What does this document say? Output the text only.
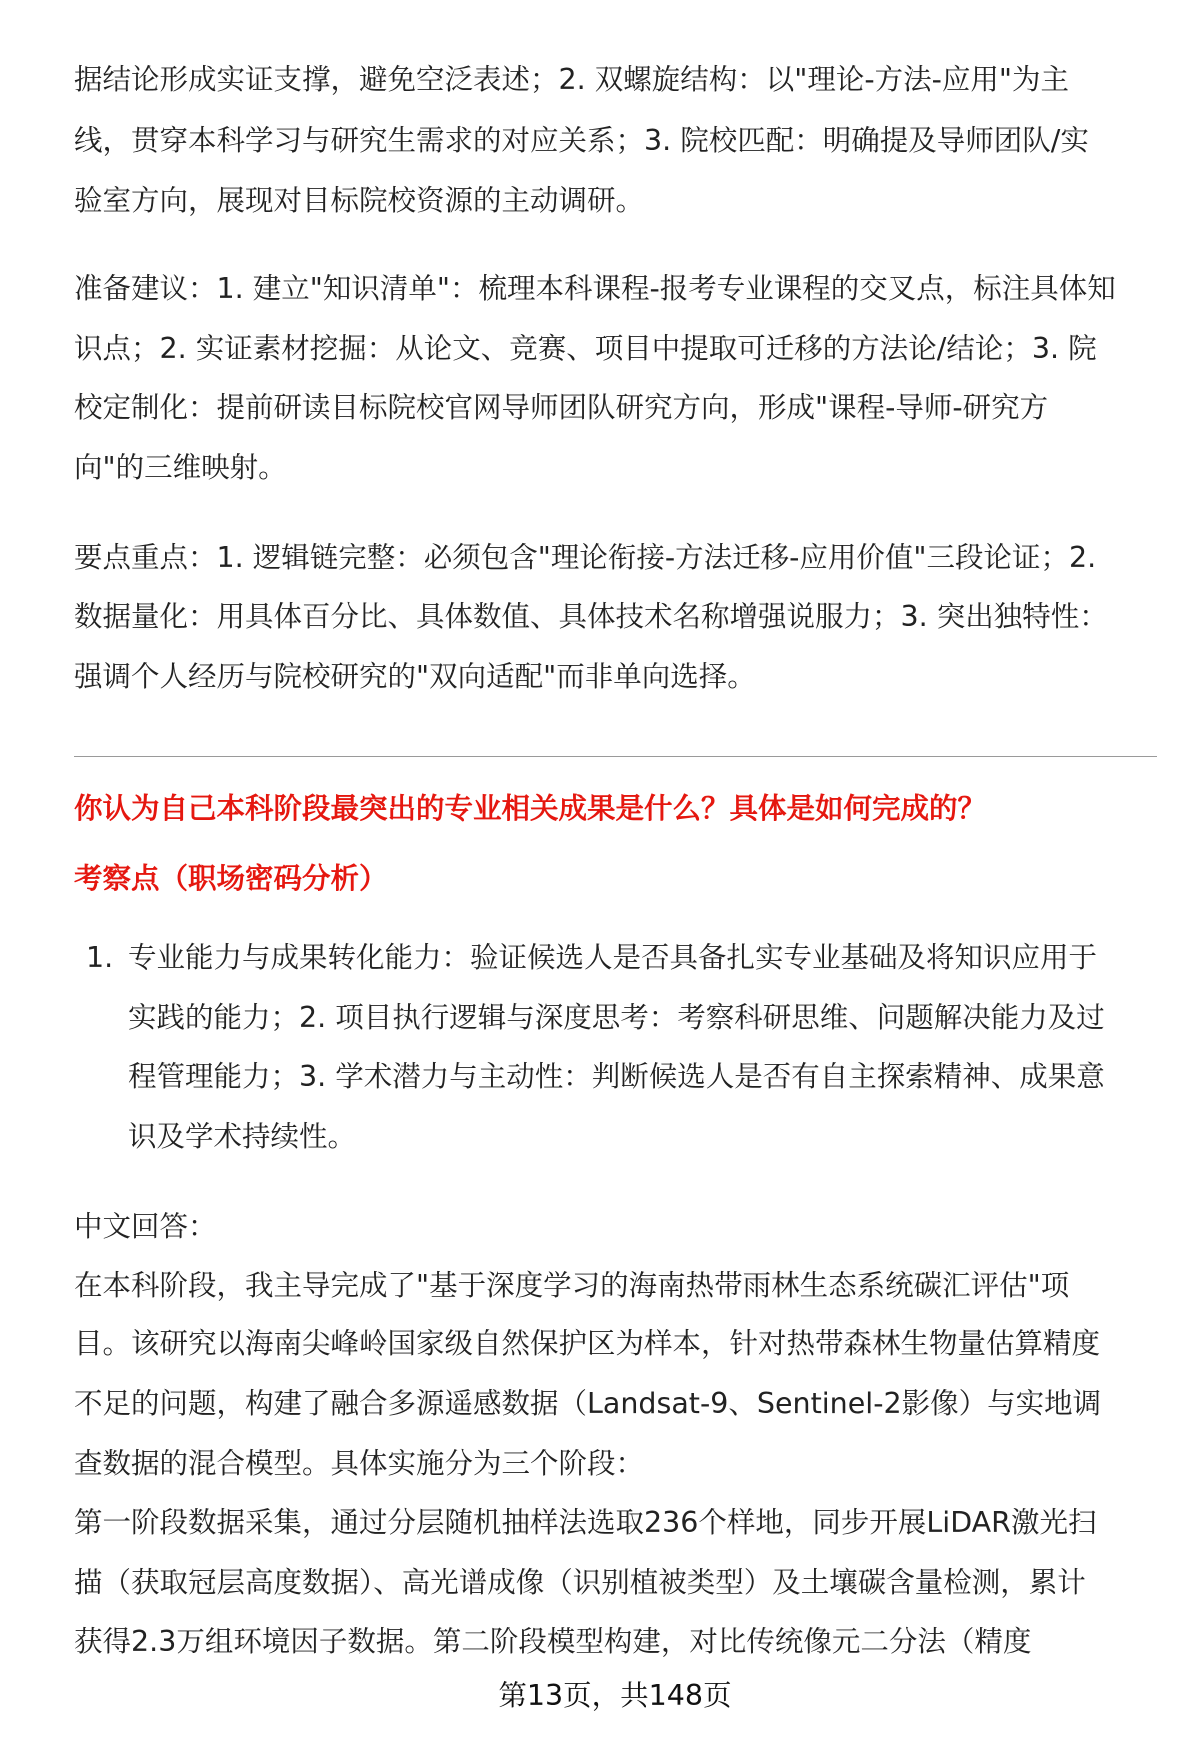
据结论形成实证支撑，避免空泛表述；2. 双螺旋结构：以"理论-方法-应用"为主
线，贯穿本科学习与研究生需求的对应关系；3. 院校匹配：明确提及导师团队/实
验室方向，展现对目标院校资源的主动调研。
准备建议：1. 建立"知识清单"：梳理本科课程-报考专业课程的交叉点，标注具体知
识点；2. 实证素材挖掘：从论文、竞赛、项目中提取可迁移的方法论/结论；3. 院
校定制化：提前研读目标院校官网导师团队研究方向，形成"课程-导师-研究方
向"的三维映射。
要点重点：1. 逻辑链完整：必须包含"理论衔接-方法迁移-应用价值"三段论证；2.
数据量化：用具体百分比、具体数值、具体技术名称增强说服力；3. 突出独特性：
强调个人经历与院校研究的"双向适配"而非单向选择。
你认为自己本科阶段最突出的专业相关成果是什么？具体是如何完成的？
考察点（职场密码分析）
1. 专业能力与成果转化能力：验证候选人是否具备扎实专业基础及将知识应用于
实践的能力；2. 项目执行逻辑与深度思考：考察科研思维、问题解决能力及过
程管理能力；3. 学术潜力与主动性：判断候选人是否有自主探索精神、成果意
识及学术持续性。
中文回答：
在本科阶段，我主导完成了"基于深度学习的海南热带雨林生态系统碳汇评估"项
目。该研究以海南尖峰岭国家级自然保护区为样本，针对热带森林生物量估算精度
不足的问题，构建了融合多源遥感数据（Landsat-9、Sentinel-2影像）与实地调
查数据的混合模型。具体实施分为三个阶段：
第一阶段数据采集，通过分层随机抽样法选取236个样地，同步开展LiDAR激光扫
描（获取冠层高度数据）、高光谱成像（识别植被类型）及土壤碳含量检测，累计
获得2.3万组环境因子数据。第二阶段模型构建，对比传统像元二分法（精度
第13页，共148页
